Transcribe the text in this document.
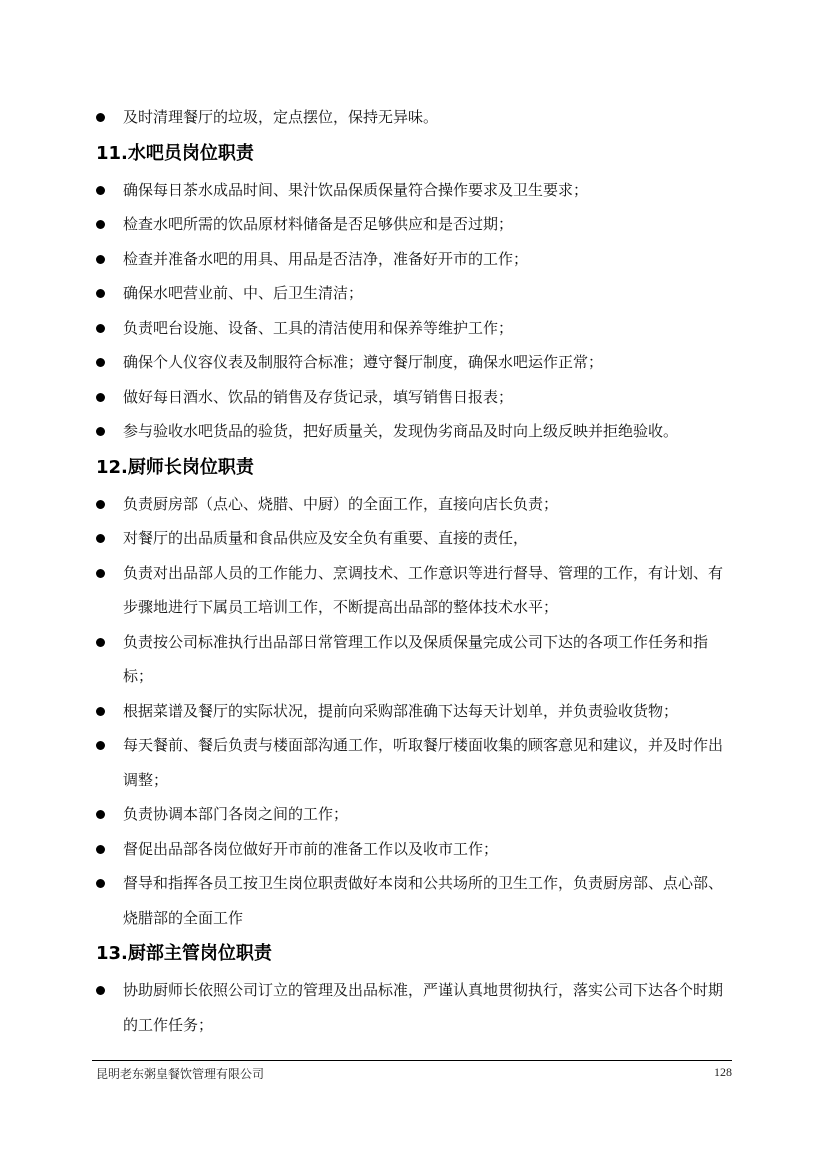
及时清理餐厅的垃圾，定点摆位，保持无异味。

11.水吧员岗位职责

确保每日茶水成品时间、果汁饮品保质保量符合操作要求及卫生要求；

检查水吧所需的饮品原材料储备是否足够供应和是否过期；

检查并准备水吧的用具、用品是否洁净，准备好开市的工作；

确保水吧营业前、中、后卫生清洁；

负责吧台设施、设备、工具的清洁使用和保养等维护工作；

确保个人仪容仪表及制服符合标准；遵守餐厅制度，确保水吧运作正常；

做好每日酒水、饮品的销售及存货记录，填写销售日报表；

参与验收水吧货品的验货，把好质量关，发现伪劣商品及时向上级反映并拒绝验收。

12.厨师长岗位职责

负责厨房部（点心、烧腊、中厨）的全面工作，直接向店长负责；

对餐厅的出品质量和食品供应及安全负有重要、直接的责任，

负责对出品部人员的工作能力、烹调技术、工作意识等进行督导、管理的工作，有计划、有步骤地进行下属员工培训工作，不断提高出品部的整体技术水平；

负责按公司标准执行出品部日常管理工作以及保质保量完成公司下达的各项工作任务和指标；

根据菜谱及餐厅的实际状况，提前向采购部准确下达每天计划单，并负责验收货物；

每天餐前、餐后负责与楼面部沟通工作，听取餐厅楼面收集的顾客意见和建议，并及时作出调整；

负责协调本部门各岗之间的工作；

督促出品部各岗位做好开市前的准备工作以及收市工作；

督导和指挥各员工按卫生岗位职责做好本岗和公共场所的卫生工作，负责厨房部、点心部、烧腊部的全面工作

13.厨部主管岗位职责

协助厨师长依照公司订立的管理及出品标准，严谨认真地贯彻执行，落实公司下达各个时期的工作任务；

昆明老东粥皇餐饮管理有限公司	128
